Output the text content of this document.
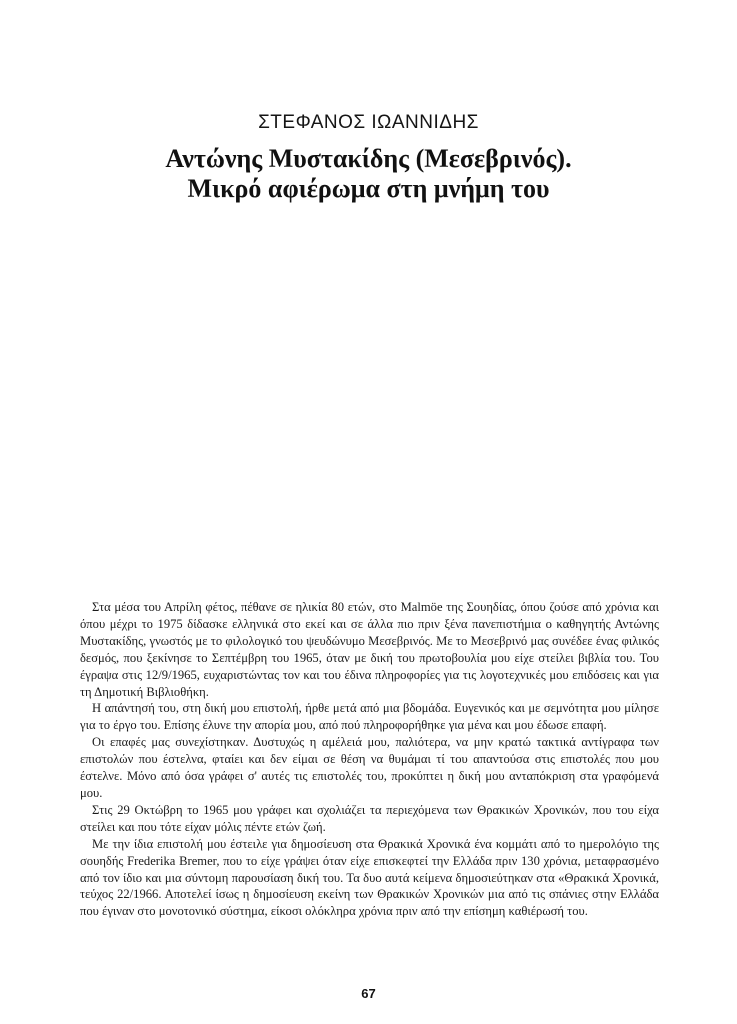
ΣΤΕΦΑΝΟΣ ΙΩΑΝΝΙΔΗΣ
Αντώνης Μυστακίδης (Μεσεβρινός).
Μικρό αφιέρωμα στη μνήμη του

Στα μέσα του Απρίλη φέτος, πέθανε σε ηλικία 80 ετών, στο Malmöe της Σουηδίας, όπου ζούσε από χρόνια και όπου μέχρι το 1975 δίδασκε ελληνικά στο εκεί και σε άλλα πιο πριν ξένα πανεπιστήμια ο καθηγητής Αντώνης Μυστακίδης, γνωστός με το φιλολογικό του ψευδώνυμο Μεσεβρινός. Με το Μεσεβρινό μας συνέδεε ένας φιλικός δεσμός, που ξεκίνησε το Σεπτέμβρη του 1965, όταν με δική του πρωτοβουλία μου είχε στείλει βιβλία του. Του έγραψα στις 12/9/1965, ευχαριστώντας τον και του έδινα πληροφορίες για τις λογοτεχνικές μου επιδόσεις και για τη Δημοτική Βιβλιοθήκη.

Η απάντησή του, στη δική μου επιστολή, ήρθε μετά από μια βδομάδα. Ευγενικός και με σεμνότητα μου μίλησε για το έργο του. Επίσης έλυνε την απορία μου, από πού πληροφορήθηκε για μένα και μου έδωσε επαφή.

Οι επαφές μας συνεχίστηκαν. Δυστυχώς η αμέλειά μου, παλιότερα, να μην κρατώ τακτικά αντίγραφα των επιστολών που έστελνα, φταίει και δεν είμαι σε θέση να θυμάμαι τί του απαντούσα στις επιστολές που μου έστελνε. Μόνο από όσα γράφει σ' αυτές τις επιστολές του, προκύπτει η δική μου ανταπόκριση στα γραφόμενά μου.

Στις 29 Οκτώβρη το 1965 μου γράφει και σχολιάζει τα περιεχόμενα των Θρακικών Χρονικών, που του είχα στείλει και που τότε είχαν μόλις πέντε ετών ζωή.

Με την ίδια επιστολή μου έστειλε για δημοσίευση στα Θρακικά Χρονικά ένα κομμάτι από το ημερολόγιο της σουηδής Frederika Bremer, που το είχε γράψει όταν είχε επισκεφτεί την Ελλάδα πριν 130 χρόνια, μεταφρασμένο από τον ίδιο και μια σύντομη παρουσίαση δική του. Τα δυο αυτά κείμενα δημοσιεύτηκαν στα «Θρακικά Χρονικά, τεύχος 22/1966. Αποτελεί ίσως η δημοσίευση εκείνη των Θρακικών Χρονικών μια από τις σπάνιες στην Ελλάδα που έγιναν στο μονοτονικό σύστημα, είκοσι ολόκληρα χρόνια πριν από την επίσημη καθιέρωσή του.

67
